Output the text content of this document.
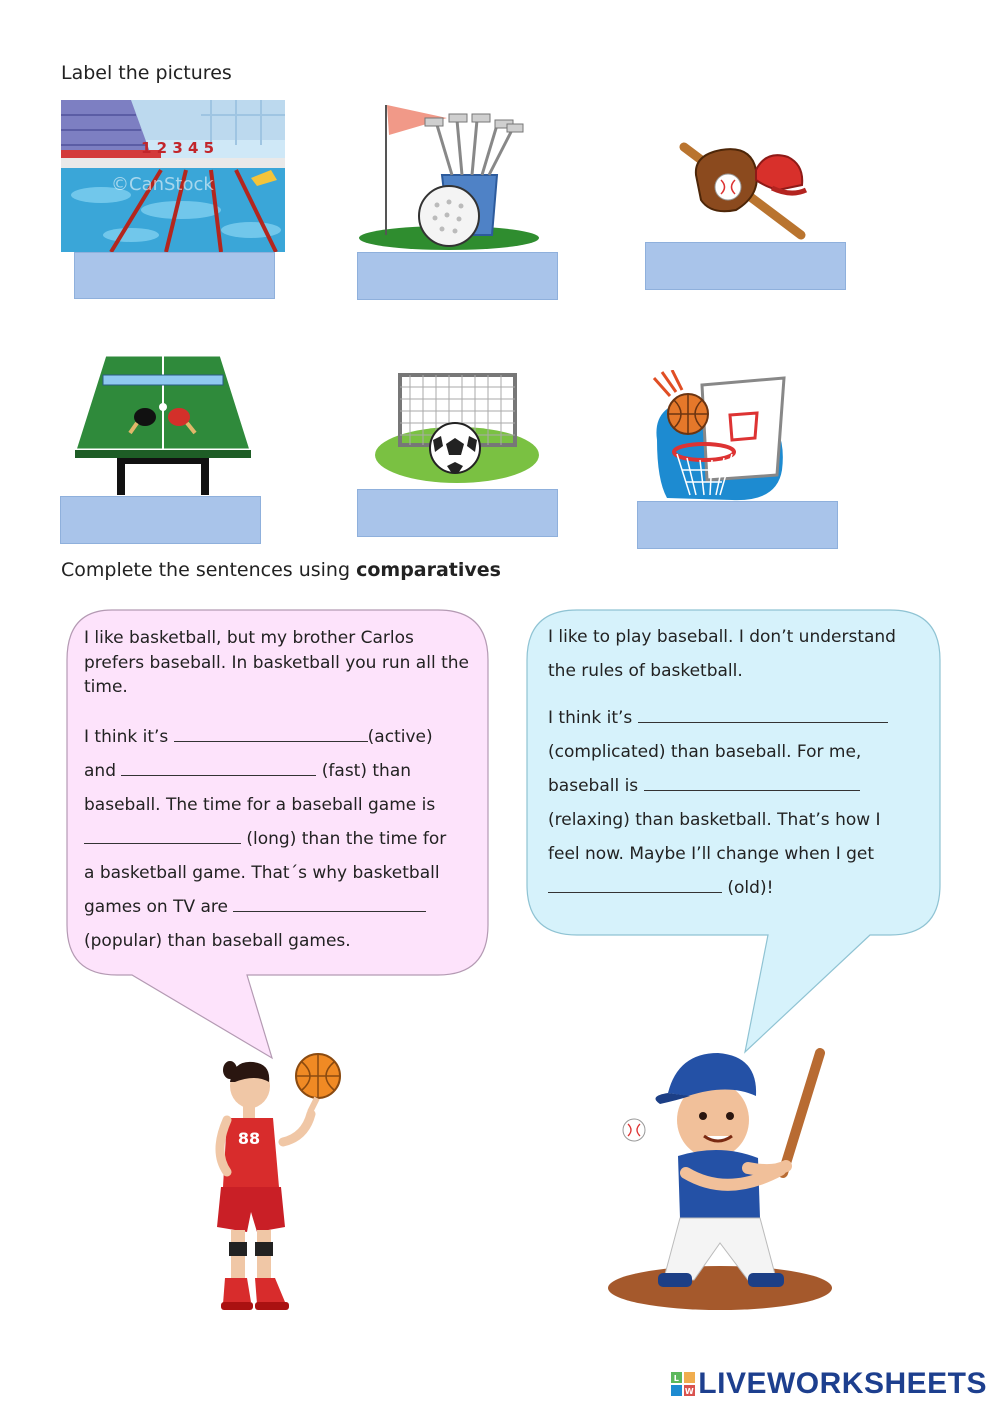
Label the pictures
1 2 3 4 5
©CanStock
Complete the sentences using comparatives

I like basketball, but my brother Carlos prefers baseball. In basketball you run all the time.

I think it’s	(active)

and	(fast) than

baseball. The time for a baseball game is

(long) than the time for

a basketball game. That´s why basketball

games on TV are

(popular) than baseball games.

I like to play baseball. I don’t understand

the rules of basketball.

I think it’s

(complicated) than baseball. For me,

baseball is

(relaxing) than basketball. That’s how I

feel now. Maybe I’ll change when I get

(old)!

88
L
W LIVEWORKSHEETS
